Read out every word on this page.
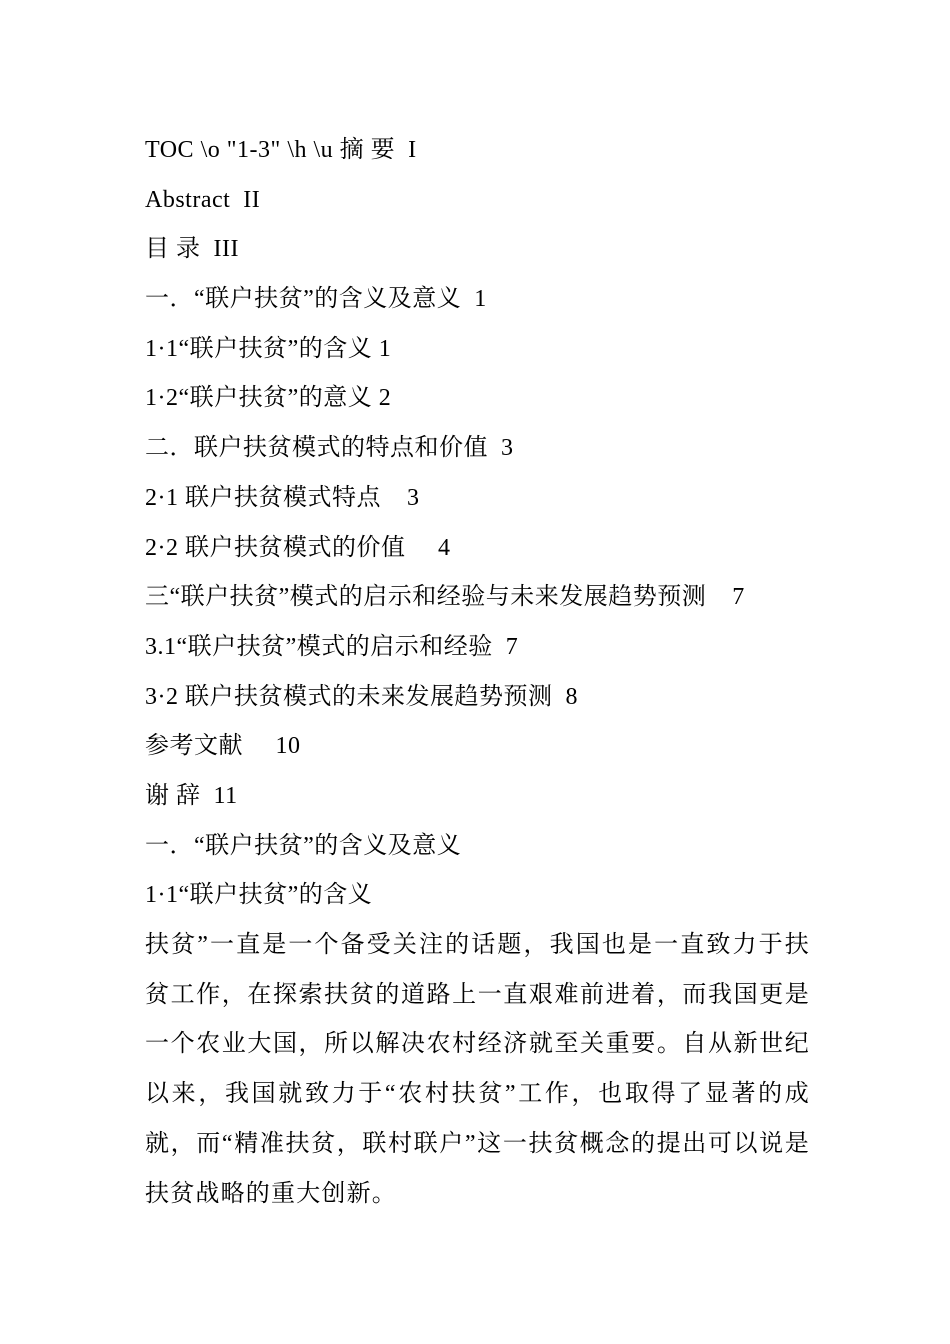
TOC \o "1-3" \h \u 摘 要  I
Abstract  II
目 录  III
一．“联户扶贫”的含义及意义  1
1·1“联户扶贫”的含义 1
1·2“联户扶贫”的意义 2
二．联户扶贫模式的特点和价值  3
2·1 联户扶贫模式特点    3
2·2 联户扶贫模式的价值     4
三“联户扶贫”模式的启示和经验与未来发展趋势预测    7
3.1“联户扶贫”模式的启示和经验  7
3·2 联户扶贫模式的未来发展趋势预测  8
参考文献     10
谢 辞  11
一．“联户扶贫”的含义及意义
1·1“联户扶贫”的含义

扶贫”一直是一个备受关注的话题，我国也是一直致力于扶贫工作，在探索扶贫的道路上一直艰难前进着，而我国更是一个农业大国，所以解决农村经济就至关重要。自从新世纪以来，我国就致力于“农村扶贫”工作，也取得了显著的成就，而“精准扶贫，联村联户”这一扶贫概念的提出可以说是扶贫战略的重大创新。
